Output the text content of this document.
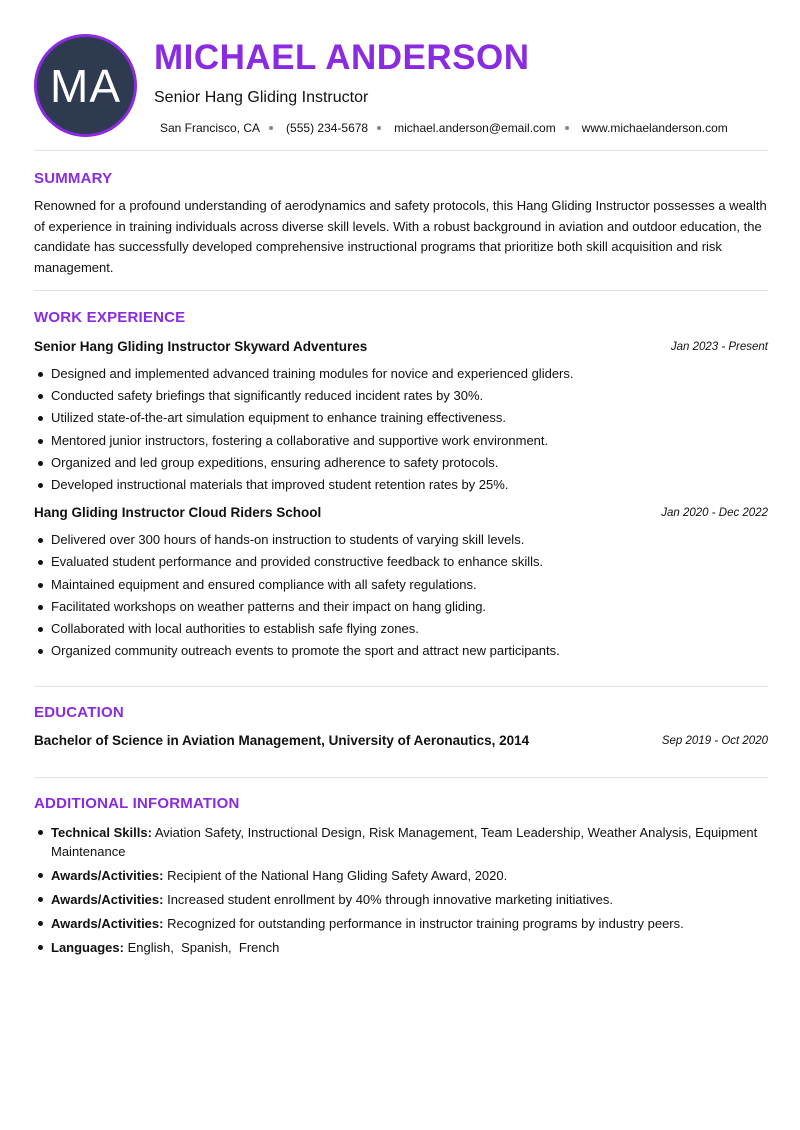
MA
MICHAEL ANDERSON
Senior Hang Gliding Instructor
San Francisco, CA (555) 234-5678 michael.anderson@email.com www.michaelanderson.com
SUMMARY
Renowned for a profound understanding of aerodynamics and safety protocols, this Hang Gliding Instructor possesses a wealth of experience in training individuals across diverse skill levels. With a robust background in aviation and outdoor education, the candidate has successfully developed comprehensive instructional programs that prioritize both skill acquisition and risk management.
WORK EXPERIENCE
Senior Hang Gliding Instructor Skyward Adventures	Jan 2023 - Present
Designed and implemented advanced training modules for novice and experienced gliders.
Conducted safety briefings that significantly reduced incident rates by 30%.
Utilized state-of-the-art simulation equipment to enhance training effectiveness.
Mentored junior instructors, fostering a collaborative and supportive work environment.
Organized and led group expeditions, ensuring adherence to safety protocols.
Developed instructional materials that improved student retention rates by 25%.
Hang Gliding Instructor Cloud Riders School	Jan 2020 - Dec 2022
Delivered over 300 hours of hands-on instruction to students of varying skill levels.
Evaluated student performance and provided constructive feedback to enhance skills.
Maintained equipment and ensured compliance with all safety regulations.
Facilitated workshops on weather patterns and their impact on hang gliding.
Collaborated with local authorities to establish safe flying zones.
Organized community outreach events to promote the sport and attract new participants.
EDUCATION
Bachelor of Science in Aviation Management, University of Aeronautics, 2014	Sep 2019 - Oct 2020
ADDITIONAL INFORMATION
Technical Skills: Aviation Safety, Instructional Design, Risk Management, Team Leadership, Weather Analysis, Equipment Maintenance
Awards/Activities: Recipient of the National Hang Gliding Safety Award, 2020.
Awards/Activities: Increased student enrollment by 40% through innovative marketing initiatives.
Awards/Activities: Recognized for outstanding performance in instructor training programs by industry peers.
Languages: English,  Spanish,  French
